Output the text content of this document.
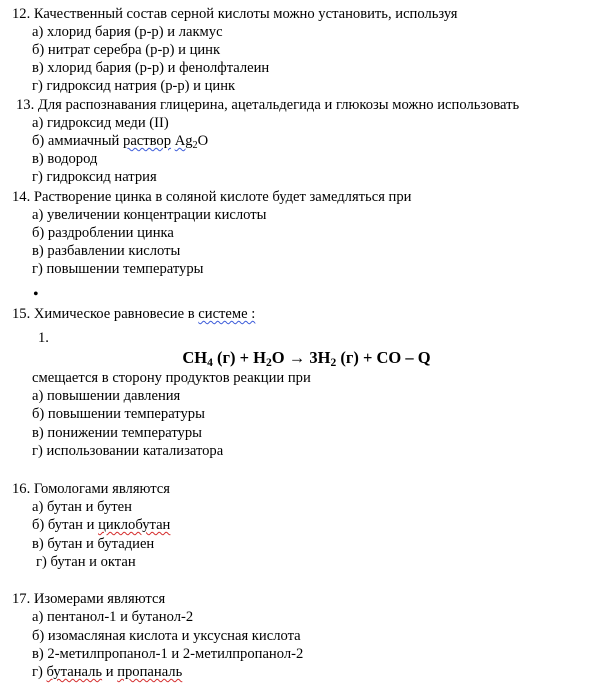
12. Качественный состав серной кислоты можно установить, используя
а) хлорид бария (р-р) и лакмус
б) нитрат серебра (р-р) и цинк
в) хлорид бария (р-р) и фенолфталеин
г) гидроксид натрия (р-р) и цинк
13. Для распознавания глицерина, ацетальдегида и глюкозы можно использовать
а) гидроксид меди (II)
б) аммиачный раствор $Ag_2O$
в) водород
г) гидроксид натрия
14. Растворение цинка в соляной кислоте будет замедляться при
а) увеличении концентрации кислоты
б) раздроблении цинка
в) разбавлении кислоты
г) повышении температуры
•
15. Химическое равновесие в системе :
1.
$CH_4$ $(г) + H_2O \to 3H_2$ (г) + CO – Q
смещается в сторону продуктов реакции при
а) повышении давления
б) повышении температуры
в) понижении температуры
г) использовании катализатора
16. Гомологами являются
а) бутан и бутен
б) бутан и циклобутан
в) бутан и бутадиен
г) бутан и октан
17. Изомерами являются
а) пентанол-1 и бутанол-2
б) изомасляная кислота и уксусная кислота
в) 2-метилпропанол-1 и 2-метилпропанол-2
г) бутаналь и пропаналь
